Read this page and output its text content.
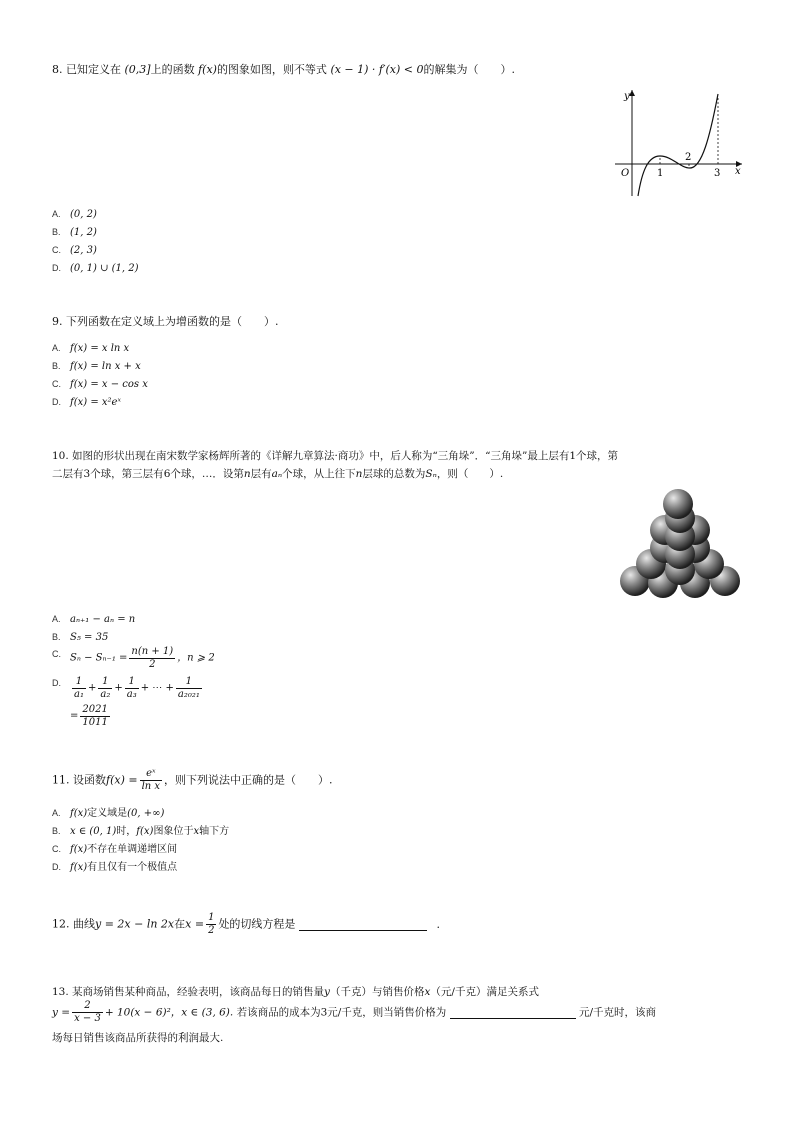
8. 已知定义在 (0,3]上的函数 f(x)的图象如图，则不等式 (x − 1) · f′(x) < 0的解集为（　　）.
y
x
O	1
2
3
A. (0, 2)
B. (1, 2)
C. (2, 3)
D. (0, 1) ∪ (1, 2)
9. 下列函数在定义域上为增函数的是（　　）.
A. f(x) = x ln x
B. f(x) = ln x + x
C. f(x) = x − cos x
D. f(x) = x²eˣ
10. 如图的形状出现在南宋数学家杨辉所著的《详解九章算法·商功》中，后人称为“三角垛”．“三角垛”最上层有1个球，第
二层有3个球，第三层有6个球，…．设第n层有aₙ个球，从上往下n层球的总数为Sₙ，则（　　）.
A. aₙ₊₁ − aₙ = n
B. S₅ = 35
C. $S_n - S_{n-1} = \frac{n(n + 1)}{2}$ ，n ⩾ 2
D. $\frac{1}{\text{a₁}} + \frac{1}{\text{a₂}} + \frac{1}{\text{a₃}}$ + ⋯ + $\frac{1}{\text{a₂₀₂₁}}$
= $\frac{2021}{1011}$
11. 设函数$f(x) = \frac{\text{eˣ}}{\text{ln x}}$ ，则下列说法中正确的是（　　）.
A. f(x)定义域是(0, +∞)
B. x ∈ (0, 1)时，f(x)图象位于x轴下方
C. f(x)不存在单调递增区间
D. f(x)有且仅有一个极值点
12. 曲线y = 2x − ln 2x在$x = \frac{1}{2}$ 处的切线方程是	.
13. 某商场销售某种商品，经验表明，该商品每日的销售量y（千克）与销售价格x（元/千克）满足关系式
$y = \frac{2}{x - 3} + 10(x - 6)^2$，x ∈ (3, 6). 若该商品的成本为3元/千克，则当销售价格为	元/千克时，该商
场每日销售该商品所获得的利润最大.
